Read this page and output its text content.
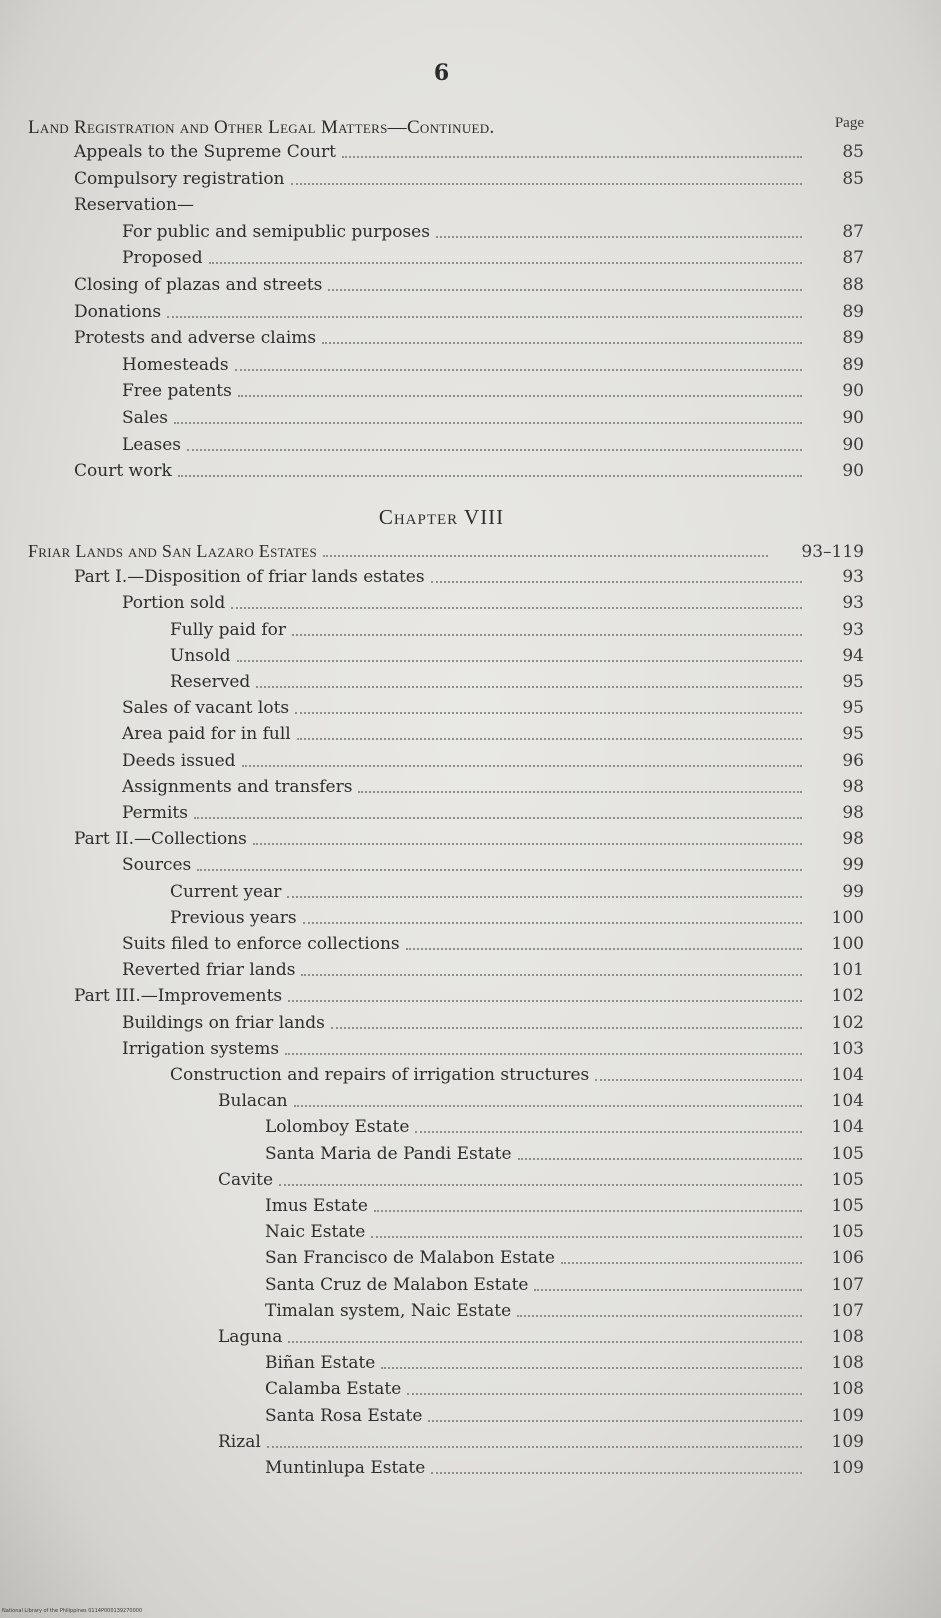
6
Land Registration and Other Legal Matters—Continued.	Page
Chapter VIII
Appeals to the Supreme Court	85
Compulsory registration	85
Reservation—
For public and semipublic purposes	87
Proposed	87
Closing of plazas and streets	88
Donations	89
Protests and adverse claims	89
Homesteads	89
Free patents	90
Sales	90
Leases	90
Court work	90
Friar Lands and San Lazaro Estates	93–119
Part I.—Disposition of friar lands estates	93
Portion sold	93
Fully paid for	93
Unsold	94
Reserved	95
Sales of vacant lots	95
Area paid for in full	95
Deeds issued	96
Assignments and transfers	98
Permits	98
Part II.—Collections	98
Sources	99
Current year	99
Previous years	100
Suits filed to enforce collections	100
Reverted friar lands	101
Part III.—Improvements	102
Buildings on friar lands	102
Irrigation systems	103
Construction and repairs of irrigation structures	104
Bulacan	104
Lolomboy Estate	104
Santa Maria de Pandi Estate	105
Cavite	105
Imus Estate	105
Naic Estate	105
San Francisco de Malabon Estate	106
Santa Cruz de Malabon Estate	107
Timalan system, Naic Estate	107
Laguna	108
Biñan Estate	108
Calamba Estate	108
Santa Rosa Estate	109
Rizal	109
Muntinlupa Estate	109
National Library of the Philippines 0114P000139270000
